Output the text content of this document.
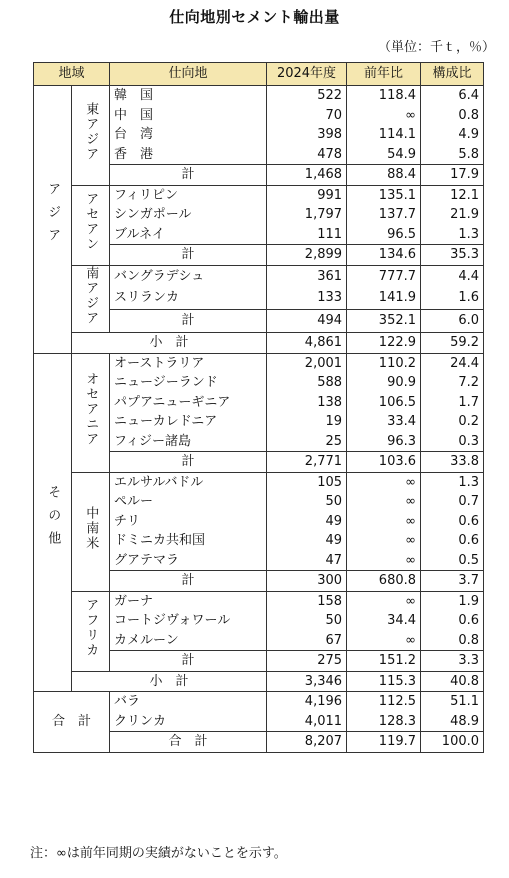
仕向地別セメント輸出量
（単位：千ｔ，％）
地域		仕向地	2024年度	前年比	構成比
アジア	東アジア	韓　国	522	118.4	6.4
		中　国	70	∞	0.8
		台　湾	398	114.1	4.9
		香　港	478	54.9	5.8
		計	1,468	88.4	17.9
	アセアン	フィリピン	991	135.1	12.1
		シンガポール	1,797	137.7	21.9
		ブルネイ	111	96.5	1.3
		計	2,899	134.6	35.3
	南アジア	バングラデシュ	361	777.7	4.4
		スリランカ	133	141.9	1.6
		計	494	352.1	6.0
	小　計		4,861	122.9	59.2
その他	オセアニア	オーストラリア	2,001	110.2	24.4
		ニュージーランド	588	90.9	7.2
		パプアニューギニア	138	106.5	1.7
		ニューカレドニア	19	33.4	0.2
		フィジー諸島	25	96.3	0.3
		計	2,771	103.6	33.8
	中南米	エルサルバドル	105	∞	1.3
		ペルー	50	∞	0.7
		チリ	49	∞	0.6
		ドミニカ共和国	49	∞	0.6
		グアテマラ	47	∞	0.5
		計	300	680.8	3.7
	アフリカ	ガーナ	158	∞	1.9
		コートジヴォワール	50	34.4	0.6
		カメルーン	67	∞	0.8
		計	275	151.2	3.3
	小　計		3,346	115.3	40.8
合　計		バラ	4,196	112.5	51.1
		クリンカ	4,011	128.3	48.9
		合　計	8,207	119.7	100.0
注：∞は前年同期の実績がないことを示す。
